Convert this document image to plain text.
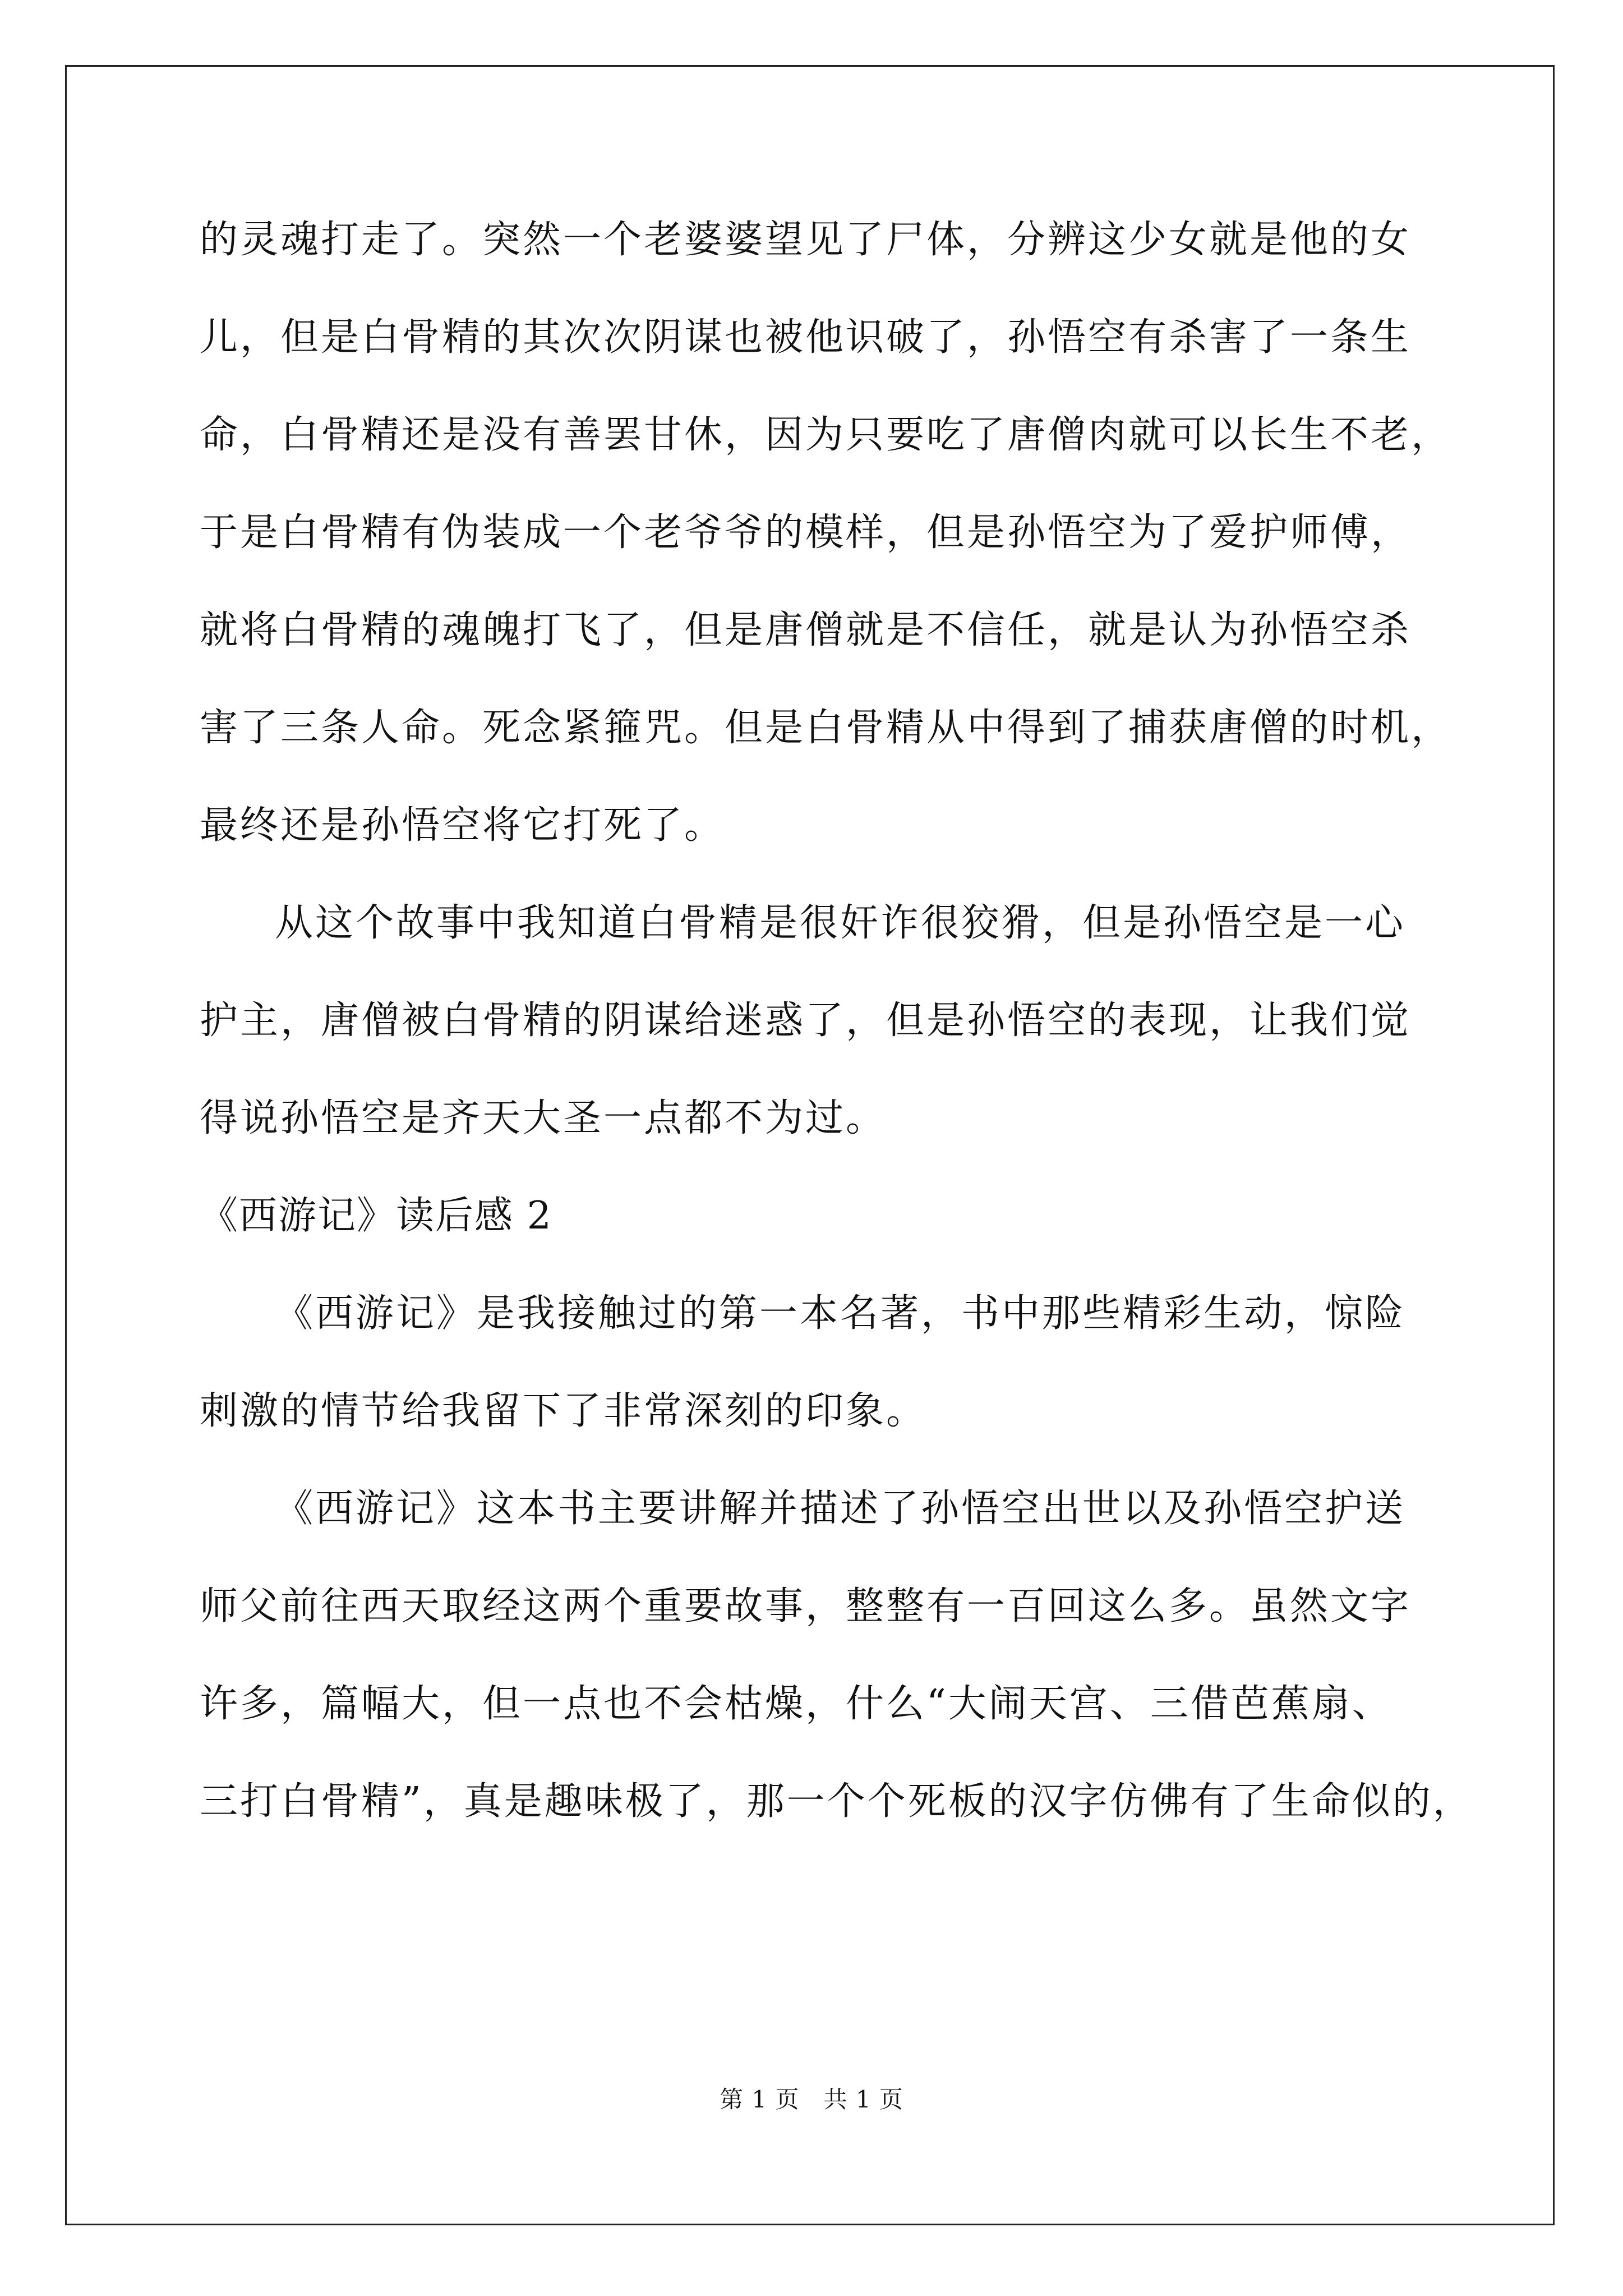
的灵魂打走了。突然一个老婆婆望见了尸体，分辨这少女就是他的女
儿，但是白骨精的其次次阴谋也被他识破了，孙悟空有杀害了一条生
命，白骨精还是没有善罢甘休，因为只要吃了唐僧肉就可以长生不老，
于是白骨精有伪装成一个老爷爷的模样，但是孙悟空为了爱护师傅，
就将白骨精的魂魄打飞了，但是唐僧就是不信任，就是认为孙悟空杀
害了三条人命。死念紧箍咒。但是白骨精从中得到了捕获唐僧的时机，
最终还是孙悟空将它打死了。
从这个故事中我知道白骨精是很奸诈很狡猾，但是孙悟空是一心
护主，唐僧被白骨精的阴谋给迷惑了，但是孙悟空的表现，让我们觉
得说孙悟空是齐天大圣一点都不为过。
《西游记》读后感 2
《西游记》是我接触过的第一本名著，书中那些精彩生动，惊险
刺激的情节给我留下了非常深刻的印象。
《西游记》这本书主要讲解并描述了孙悟空出世以及孙悟空护送
师父前往西天取经这两个重要故事，整整有一百回这么多。虽然文字
许多，篇幅大，但一点也不会枯燥，什么“大闹天宫、三借芭蕉扇、
三打白骨精”，真是趣味极了，那一个个死板的汉字仿佛有了生命似的，
第 1 页　共 1 页
